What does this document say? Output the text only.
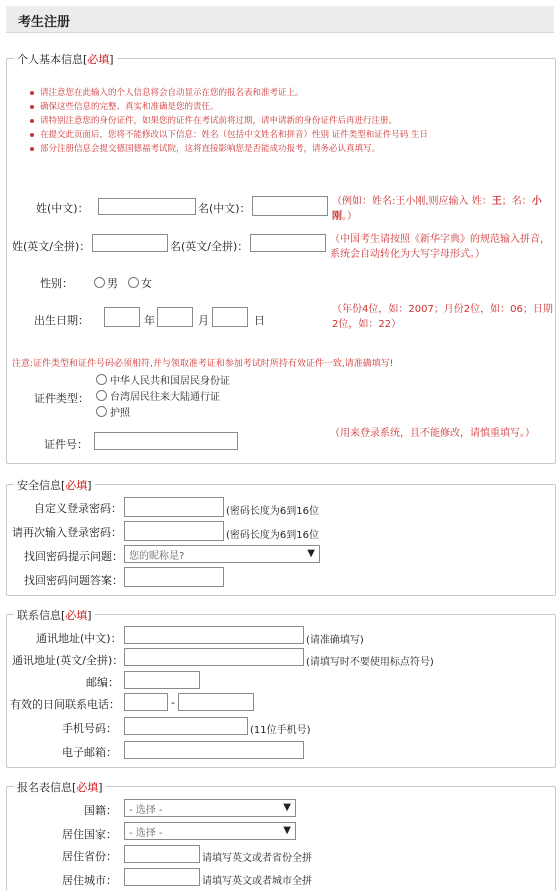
考生注册
个人基本信息[必填]
请注意您在此输入的个人信息将会自动显示在您的报名表和准考证上。
确保这些信息的完整、真实和准确是您的责任。
请特别注意您的身份证件，如果您的证件在考试前将过期，请申请新的身份证件后再进行注册。
在提交此页面后，您将不能修改以下信息：姓名（包括中文姓名和拼音）性别 证件类型和证件号码 生日
部分注册信息会提交德国德福考试院，这将直接影响您是否能成功报考，请务必认真填写。
姓(中文)：	名(中文)：
（例如：姓名:王小刚,则应输入 姓：王；名：小刚。）
姓(英文/全拼)：	名(英文/全拼)：
（中国考生请按照《新华字典》的规范输入拼音，系统会自动转化为大写字母形式。）
性别：	男 女
出生日期：	年	月	日
（年份4位，如：2007；月份2位，如：06；日期2位，如：22）
注意:证件类型和证件号码必须相符,并与领取准考证和参加考试时所持有效证件一致,请准确填写!
证件类型：
中华人民共和国居民身份证
台湾居民往来大陆通行证
护照
证件号：
（用来登录系统，且不能修改，请慎重填写。）
安全信息[必填]
自定义登录密码：	(密码长度为6到16位
请再次输入登录密码：	(密码长度为6到16位
找回密码提示问题： 您的昵称是?	▼
找回密码问题答案：
联系信息[必填]
通讯地址(中文)：	(请准确填写)
通讯地址(英文/全拼)：	(请填写时不要使用标点符号)
邮编：
有效的日间联系电话：	-
手机号码：	(11位手机号)
电子邮箱：
报名表信息[必填]
国籍：	- 选择 -	▼
居住国家：	- 选择 -	▼
居住省份：	请填写英文或者省份全拼
居住城市：	请填写英文或者城市全拼
